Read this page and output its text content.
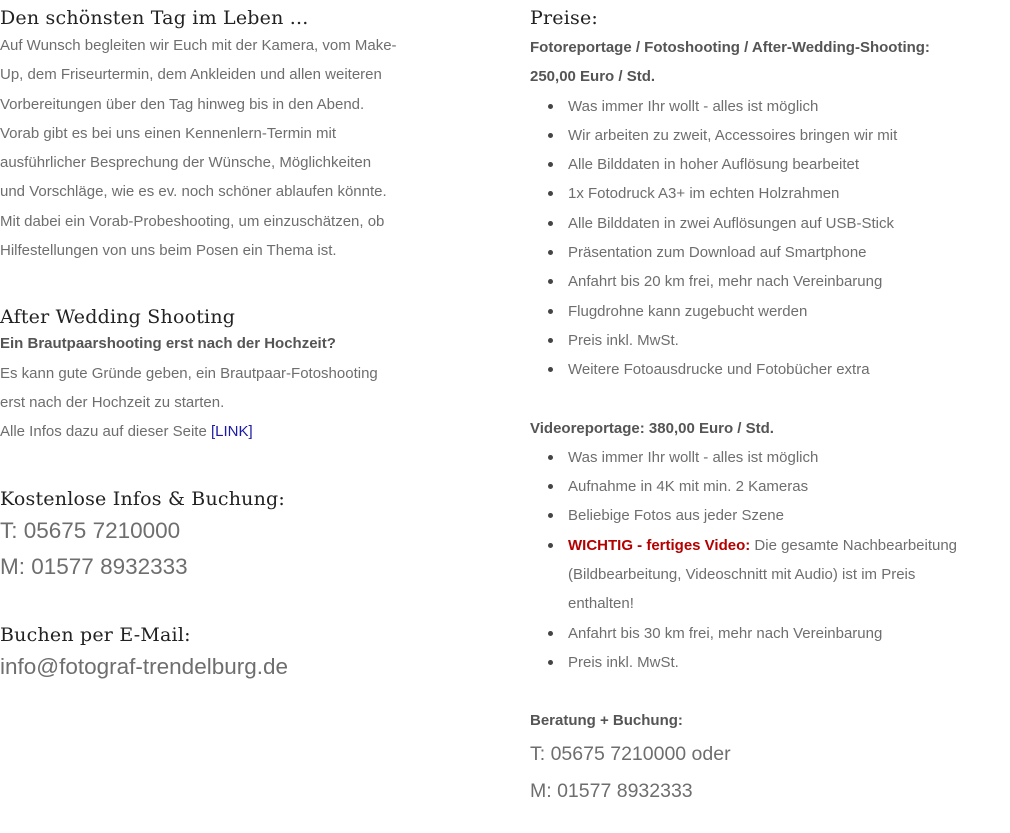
Den schönsten Tag im Leben ...

Auf Wunsch begleiten wir Euch mit der Kamera, vom Make-

Up, dem Friseurtermin, dem Ankleiden und allen weiteren

Vorbereitungen über den Tag hinweg bis in den Abend.

Vorab gibt es bei uns einen Kennenlern-Termin mit

ausführlicher Besprechung der Wünsche, Möglichkeiten

und Vorschläge, wie es ev. noch schöner ablaufen könnte.

Mit dabei ein Vorab-Probeshooting, um einzuschätzen, ob

Hilfestellungen von uns beim Posen ein Thema ist.

After Wedding Shooting

Ein Brautpaarshooting erst nach der Hochzeit?

Es kann gute Gründe geben, ein Brautpaar-Fotoshooting

erst nach der Hochzeit zu starten.

Alle Infos dazu auf dieser Seite [LINK]

Kostenlose Infos & Buchung:

T: 05675 7210000

M: 01577 8932333

Buchen per E-Mail:

info@fotograf-trendelburg.de

Preise:

Fotoreportage / Fotoshooting / After-Wedding-Shooting:

250,00 Euro / Std.

Was immer Ihr wollt - alles ist möglich
Wir arbeiten zu zweit, Accessoires bringen wir mit
Alle Bilddaten in hoher Auflösung bearbeitet
1x Fotodruck A3+ im echten Holzrahmen
Alle Bilddaten in zwei Auflösungen auf USB-Stick
Präsentation zum Download auf Smartphone
Anfahrt bis 20 km frei, mehr nach Vereinbarung
Flugdrohne kann zugebucht werden
Preis inkl. MwSt.
Weitere Fotoausdrucke und Fotobücher extra

Videoreportage: 380,00 Euro / Std.

Was immer Ihr wollt - alles ist möglich
Aufnahme in 4K mit min. 2 Kameras
Beliebige Fotos aus jeder Szene
WICHTIG - fertiges Video: Die gesamte Nachbearbeitung
(Bildbearbeitung, Videoschnitt mit Audio) ist im Preis
enthalten!
Anfahrt bis 30 km frei, mehr nach Vereinbarung
Preis inkl. MwSt.

Beratung + Buchung:

T: 05675 7210000 oder

M: 01577 8932333
